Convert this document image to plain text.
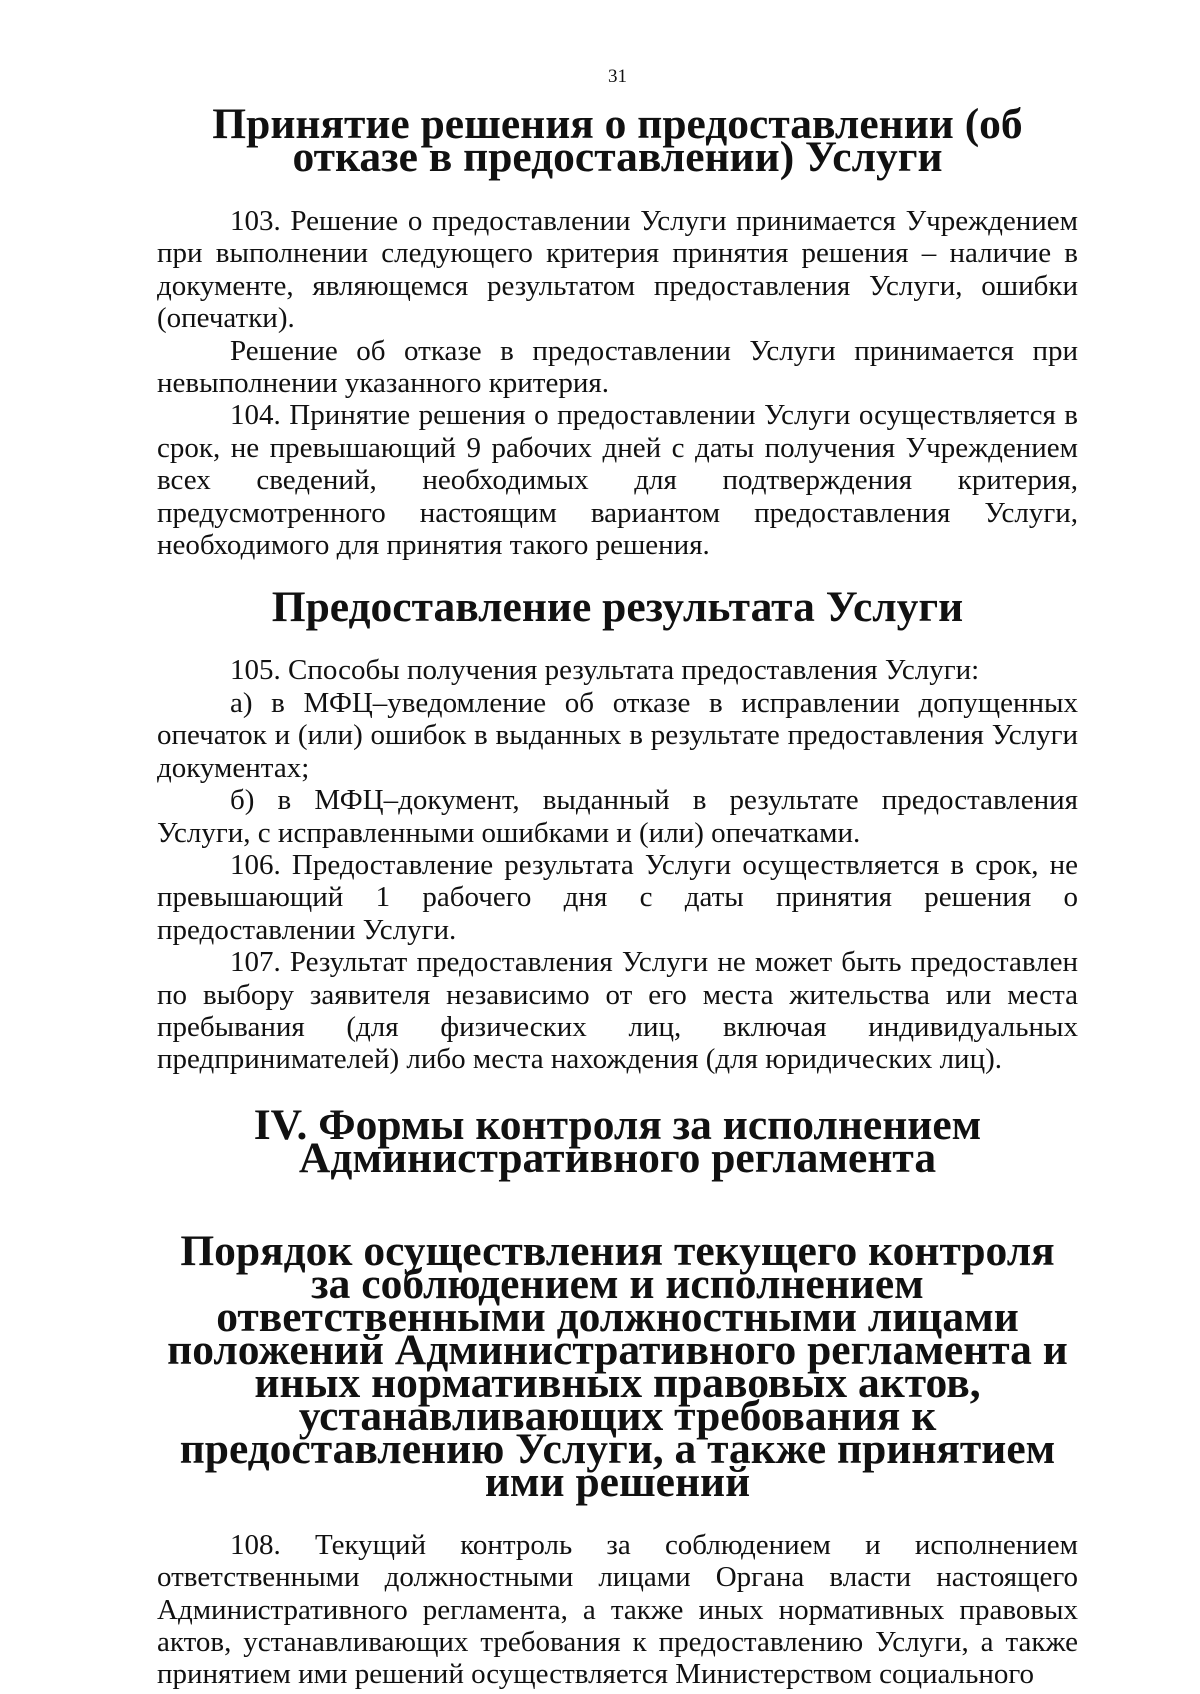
31
Принятие решения о предоставлении (об отказе в предоставлении) Услуги

103. Решение о предоставлении Услуги принимается Учреждением при выполнении следующего критерия принятия решения – наличие в документе, являющемся результатом предоставления Услуги, ошибки (опечатки).

Решение об отказе в предоставлении Услуги принимается при невыполнении указанного критерия.

104. Принятие решения о предоставлении Услуги осуществляется в срок, не превышающий 9 рабочих дней с даты получения Учреждением всех сведений, необходимых для подтверждения критерия, предусмотренного настоящим вариантом предоставления Услуги, необходимого для принятия такого решения.

Предоставление результата Услуги

105. Способы получения результата предоставления Услуги:

а) в МФЦ–уведомление об отказе в исправлении допущенных опечаток и (или) ошибок в выданных в результате предоставления Услуги документах;

б) в МФЦ–документ, выданный в результате предоставления Услуги, с исправленными ошибками и (или) опечатками.

106. Предоставление результата Услуги осуществляется в срок, не превышающий 1 рабочего дня с даты принятия решения о предоставлении Услуги.

107. Результат предоставления Услуги не может быть предоставлен по выбору заявителя независимо от его места жительства или места пребывания (для физических лиц, включая индивидуальных предпринимателей) либо места нахождения (для юридических лиц).

IV. Формы контроля за исполнением Административного регламента
Порядок осуществления текущего контроля за соблюдением и исполнением ответственными должностными лицами положений Административного регламента и иных нормативных правовых актов, устанавливающих требования к предоставлению Услуги, а также принятием ими решений

108. Текущий контроль за соблюдением и исполнением ответственными должностными лицами Органа власти настоящего Административного регламента, а также иных нормативных правовых актов, устанавливающих требования к предоставлению Услуги, а также принятием ими решений осуществляется Министерством социального
